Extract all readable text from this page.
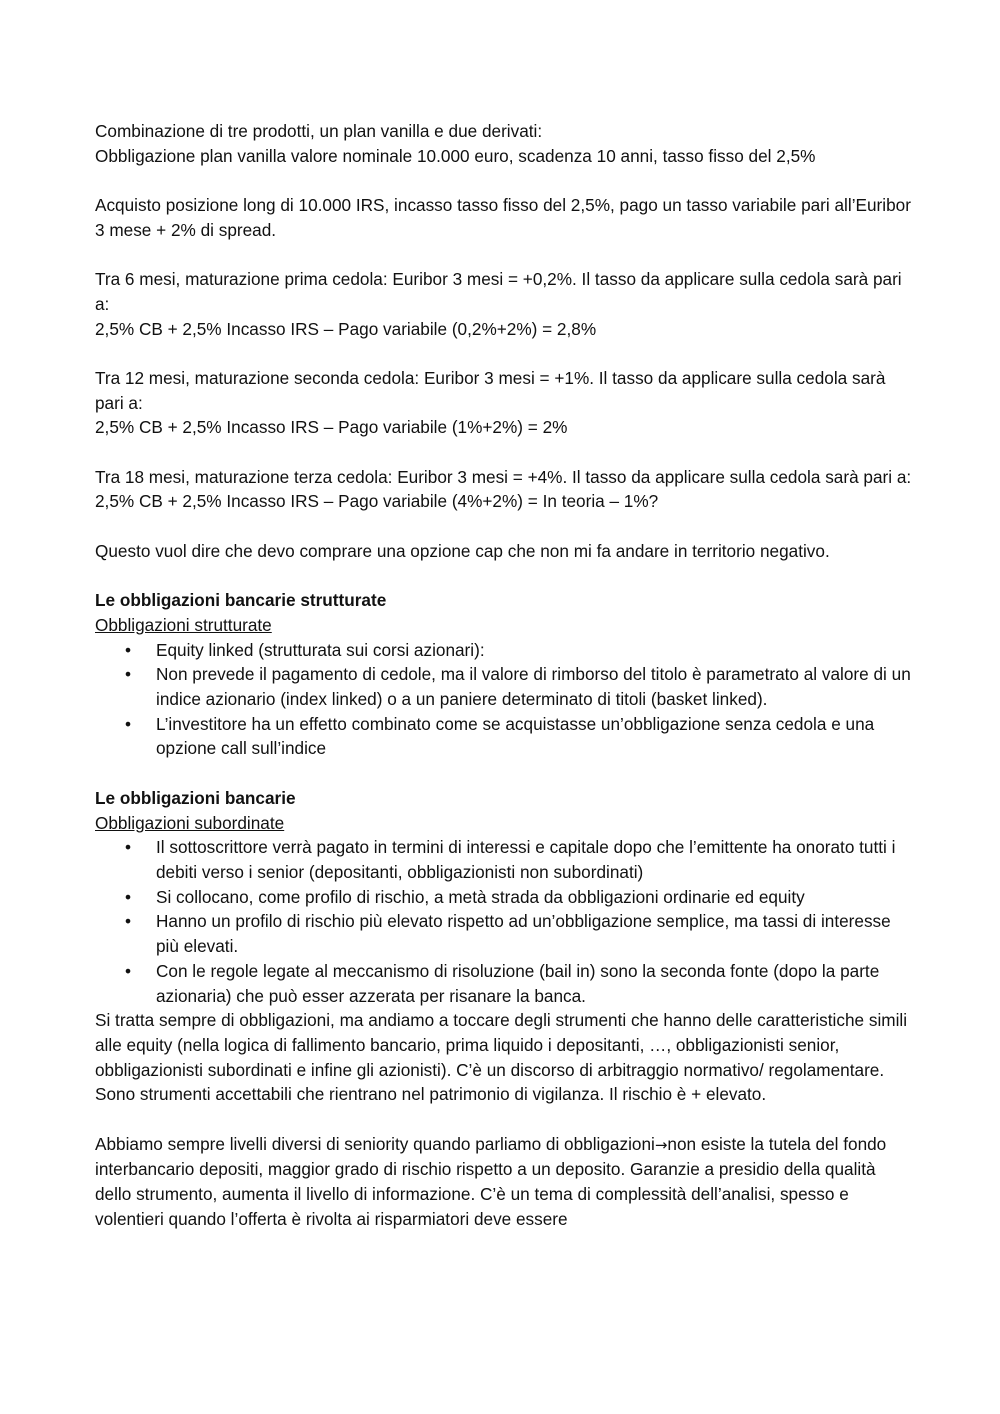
Combinazione di tre prodotti, un plan vanilla e due derivati:

Obbligazione plan vanilla valore nominale 10.000 euro, scadenza 10 anni, tasso fisso del 2,5%

Acquisto posizione long di 10.000 IRS, incasso tasso fisso del 2,5%, pago un tasso variabile pari all’Euribor 3 mese + 2% di spread.

Tra 6 mesi, maturazione prima cedola: Euribor 3 mesi = +0,2%. Il tasso da applicare sulla cedola sarà pari a:

2,5% CB + 2,5% Incasso IRS – Pago variabile (0,2%+2%) = 2,8%

Tra 12 mesi, maturazione seconda cedola: Euribor 3 mesi = +1%. Il tasso da applicare sulla cedola sarà pari a:

2,5% CB + 2,5% Incasso IRS – Pago variabile (1%+2%) = 2%

Tra 18 mesi, maturazione terza cedola: Euribor 3 mesi = +4%. Il tasso da applicare sulla cedola sarà pari a:

2,5% CB + 2,5% Incasso IRS – Pago variabile (4%+2%) = In teoria – 1%?

Questo vuol dire che devo comprare una opzione cap che non mi fa andare in territorio negativo.

Le obbligazioni bancarie strutturate

Obbligazioni strutturate

• Equity linked (strutturata sui corsi azionari):
• Non prevede il pagamento di cedole, ma il valore di rimborso del titolo è parametrato al valore di un indice azionario (index linked) o a un paniere determinato di titoli (basket linked).
• L’investitore ha un effetto combinato come se acquistasse un’obbligazione senza cedola e una opzione call sull’indice

Le obbligazioni bancarie

Obbligazioni subordinate

• Il sottoscrittore verrà pagato in termini di interessi e capitale dopo che l’emittente ha onorato tutti i debiti verso i senior (depositanti, obbligazionisti non subordinati)
• Si collocano, come profilo di rischio, a metà strada da obbligazioni ordinarie ed equity
• Hanno un profilo di rischio più elevato rispetto ad un’obbligazione semplice, ma tassi di interesse più elevati.
• Con le regole legate al meccanismo di risoluzione (bail in) sono la seconda fonte (dopo la parte azionaria) che può esser azzerata per risanare la banca.

Si tratta sempre di obbligazioni, ma andiamo a toccare degli strumenti che hanno delle caratteristiche simili alle equity (nella logica di fallimento bancario, prima liquido i depositanti, …, obbligazionisti senior, obbligazionisti subordinati e infine gli azionisti). C’è un discorso di arbitraggio normativo/ regolamentare. Sono strumenti accettabili che rientrano nel patrimonio di vigilanza. Il rischio è + elevato.

Abbiamo sempre livelli diversi di seniority quando parliamo di obbligazioni→non esiste la tutela del fondo interbancario depositi, maggior grado di rischio rispetto a un deposito. Garanzie a presidio della qualità dello strumento, aumenta il livello di informazione. C’è un tema di complessità dell’analisi, spesso e volentieri quando l’offerta è rivolta ai risparmiatori deve essere
